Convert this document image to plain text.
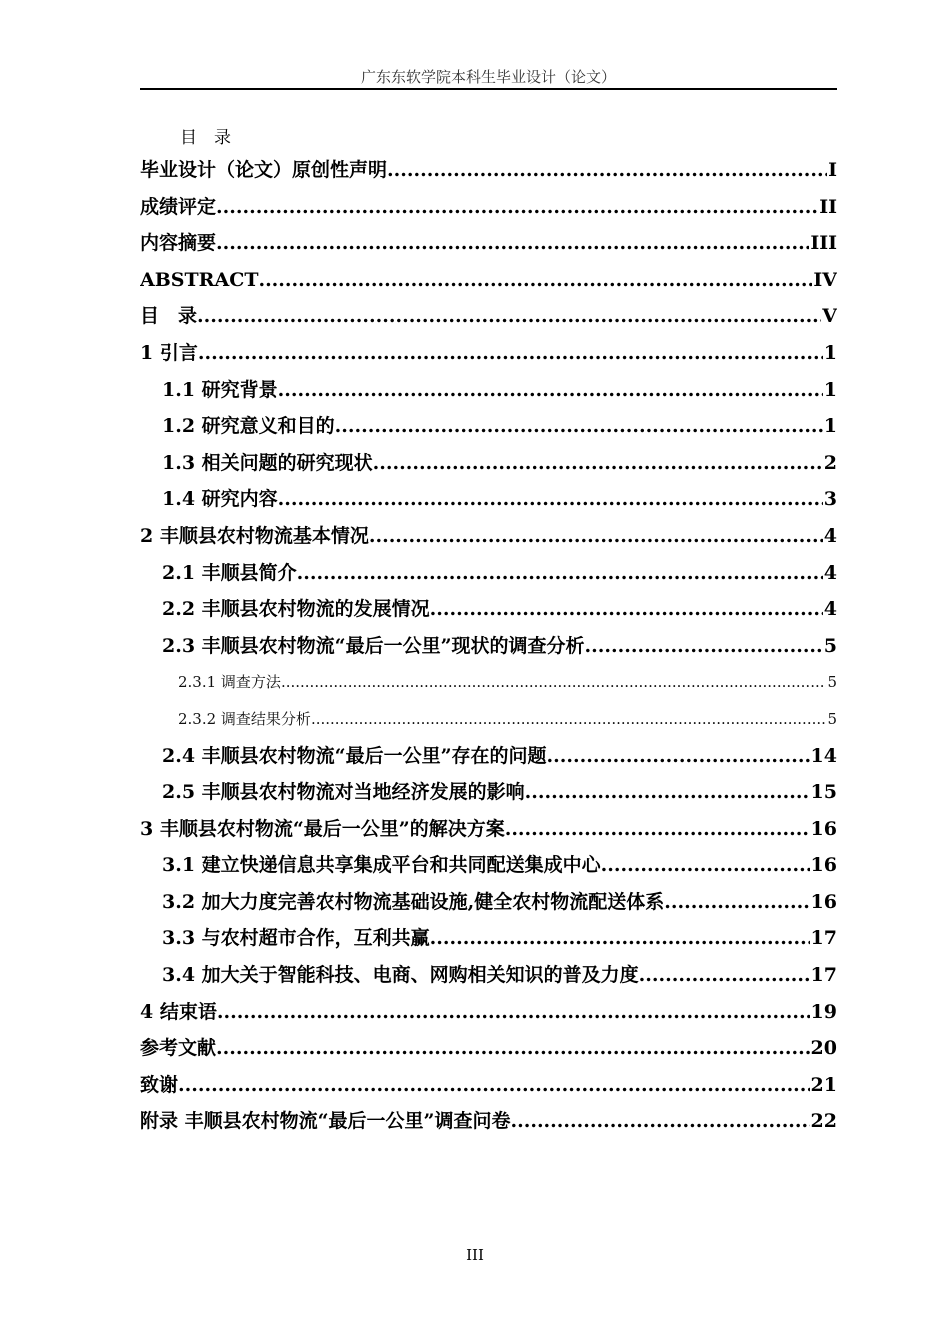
广东东软学院本科生毕业设计（论文）
目　录
毕业设计（论文）原创性声明 .....	I
成绩评定 .....	II
内容摘要 .....	III
ABSTRACT .....	IV
目　录 .....	V
1 引言 .....	1
1.1 研究背景 .....	1
1.2 研究意义和目的 .....	1
1.3 相关问题的研究现状 .....	2
1.4 研究内容 .....	3
2 丰顺县农村物流基本情况 .....	4
2.1 丰顺县简介 .....	4
2.2 丰顺县农村物流的发展情况 .....	4
2.3 丰顺县农村物流“最后一公里”现状的调查分析 .....	5
2.3.1 调查方法 .....	5
2.3.2 调查结果分析 .....	5
2.4 丰顺县农村物流“最后一公里”存在的问题 .....	14
2.5 丰顺县农村物流对当地经济发展的影响 .....	15
3 丰顺县农村物流“最后一公里”的解决方案 .....	16
3.1 建立快递信息共享集成平台和共同配送集成中心 .....	16
3.2 加大力度完善农村物流基础设施,健全农村物流配送体系 .....	16
3.3 与农村超市合作，互利共赢 .....	17
3.4 加大关于智能科技、电商、网购相关知识的普及力度 .....	17
4 结束语 .....	19
参考文献 .....	20
致谢 .....	21
附录 丰顺县农村物流“最后一公里”调查问卷 .....	22
III
